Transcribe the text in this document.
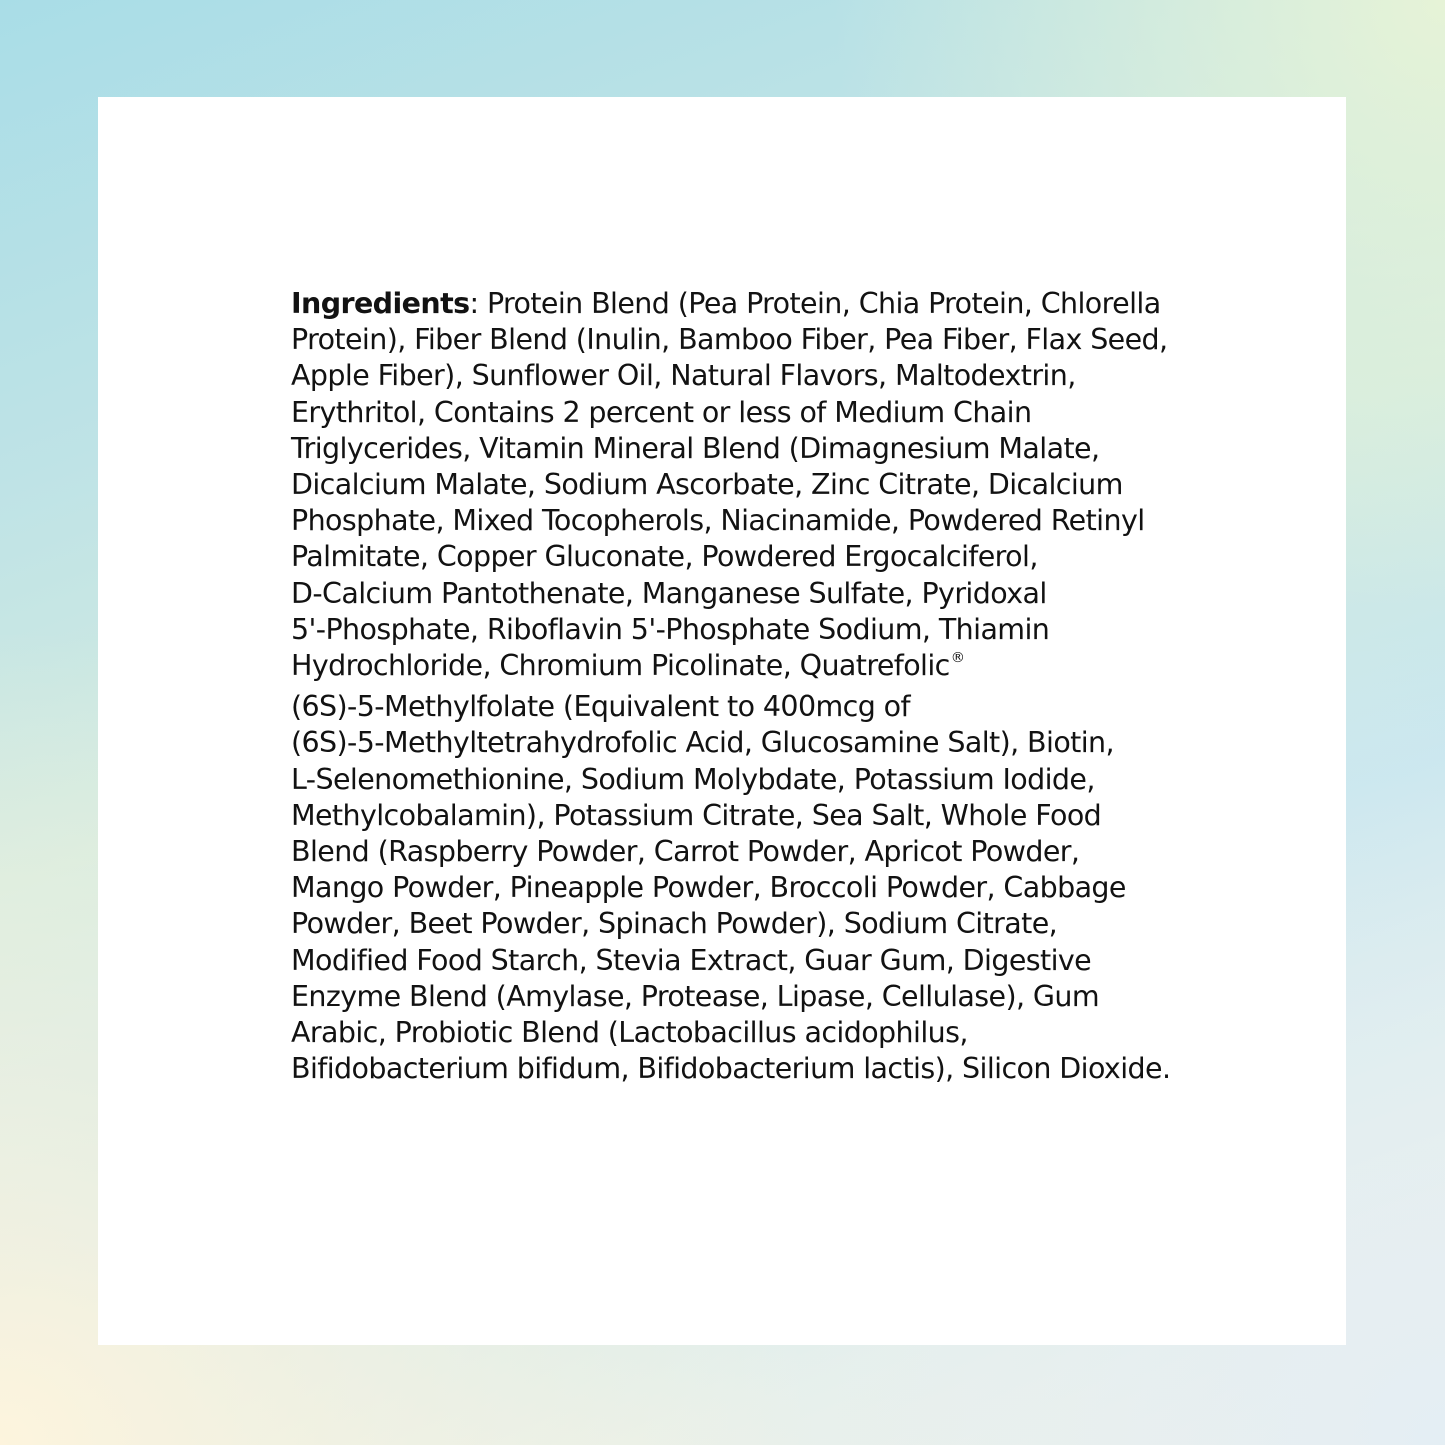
Ingredients: Protein Blend (Pea Protein, Chia Protein, Chlorella
Protein), Fiber Blend (Inulin, Bamboo Fiber, Pea Fiber, Flax Seed,
Apple Fiber), Sunflower Oil, Natural Flavors, Maltodextrin,
Erythritol, Contains 2 percent or less of Medium Chain
Triglycerides, Vitamin Mineral Blend (Dimagnesium Malate,
Dicalcium Malate, Sodium Ascorbate, Zinc Citrate, Dicalcium
Phosphate, Mixed Tocopherols, Niacinamide, Powdered Retinyl
Palmitate, Copper Gluconate, Powdered Ergocalciferol,
D-Calcium Pantothenate, Manganese Sulfate, Pyridoxal
5'-Phosphate, Riboflavin 5'-Phosphate Sodium, Thiamin
Hydrochloride, Chromium Picolinate, Quatrefolic®
(6S)-5-Methylfolate (Equivalent to 400mcg of
(6S)-5-Methyltetrahydrofolic Acid, Glucosamine Salt), Biotin,
L-Selenomethionine, Sodium Molybdate, Potassium Iodide,
Methylcobalamin), Potassium Citrate, Sea Salt, Whole Food
Blend (Raspberry Powder, Carrot Powder, Apricot Powder,
Mango Powder, Pineapple Powder, Broccoli Powder, Cabbage
Powder, Beet Powder, Spinach Powder), Sodium Citrate,
Modified Food Starch, Stevia Extract, Guar Gum, Digestive
Enzyme Blend (Amylase, Protease, Lipase, Cellulase), Gum
Arabic, Probiotic Blend (Lactobacillus acidophilus,
Bifidobacterium bifidum, Bifidobacterium lactis), Silicon Dioxide.
